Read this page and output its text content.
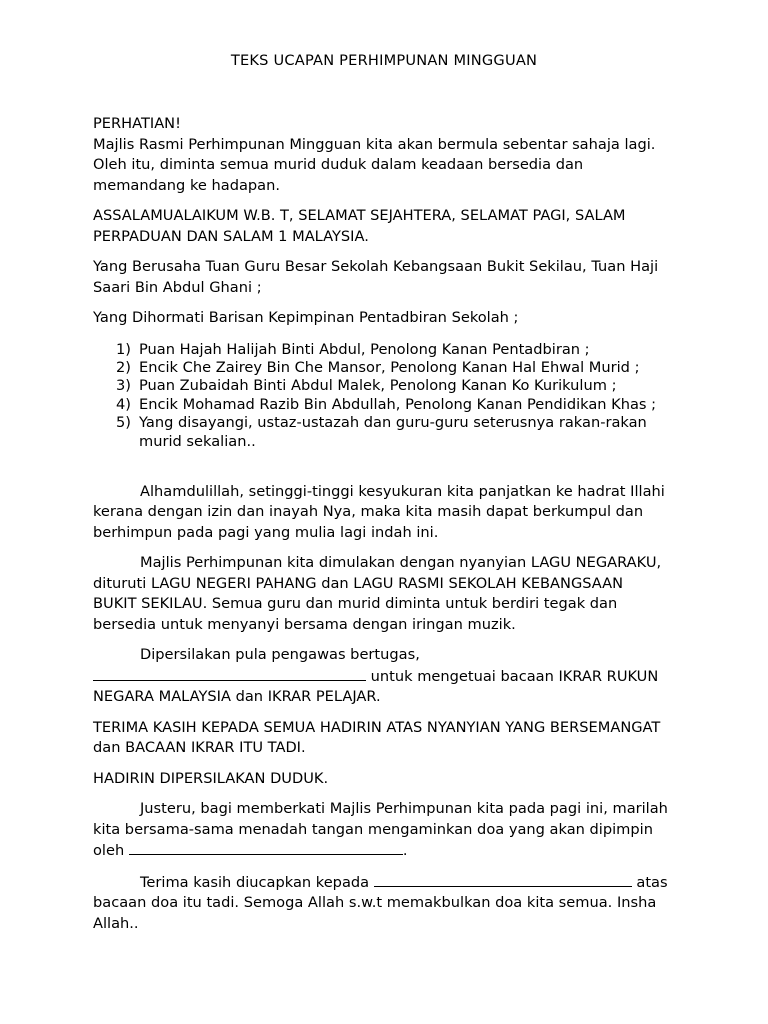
TEKS UCAPAN PERHIMPUNAN MINGGUAN

PERHATIAN!

Majlis Rasmi Perhimpunan Mingguan kita akan bermula sebentar sahaja lagi.

Oleh itu, diminta semua murid duduk dalam keadaan bersedia dan

memandang ke hadapan.

ASSALAMUALAIKUM W.B. T, SELAMAT SEJAHTERA, SELAMAT PAGI, SALAM

PERPADUAN DAN SALAM 1 MALAYSIA.

Yang Berusaha Tuan Guru Besar Sekolah Kebangsaan Bukit Sekilau, Tuan Haji

Saari Bin Abdul Ghani ;

Yang Dihormati Barisan Kepimpinan Pentadbiran Sekolah ;

1) Puan Hajah Halijah Binti Abdul, Penolong Kanan Pentadbiran ;
2) Encik Che Zairey Bin Che Mansor, Penolong Kanan Hal Ehwal Murid ;
3) Puan Zubaidah Binti Abdul Malek, Penolong Kanan Ko Kurikulum ;
4) Encik Mohamad Razib Bin Abdullah, Penolong Kanan Pendidikan Khas ;
5) Yang disayangi, ustaz-ustazah dan guru-guru seterusnya rakan-rakan
murid sekalian..

Alhamdulillah, setinggi-tinggi kesyukuran kita panjatkan ke hadrat Illahi

kerana dengan izin dan inayah Nya, maka kita masih dapat berkumpul dan

berhimpun pada pagi yang mulia lagi indah ini.

Majlis Perhimpunan kita dimulakan dengan nyanyian LAGU NEGARAKU,

dituruti LAGU NEGERI PAHANG dan LAGU RASMI SEKOLAH KEBANGSAAN

BUKIT SEKILAU. Semua guru dan murid diminta untuk berdiri tegak dan

bersedia untuk menyanyi bersama dengan iringan muzik.

Dipersilakan pula pengawas bertugas,

untuk mengetuai bacaan IKRAR RUKUN

NEGARA MALAYSIA dan IKRAR PELAJAR.

TERIMA KASIH KEPADA SEMUA HADIRIN ATAS NYANYIAN YANG BERSEMANGAT

dan BACAAN IKRAR ITU TADI.

HADIRIN DIPERSILAKAN DUDUK.

Justeru, bagi memberkati Majlis Perhimpunan kita pada pagi ini, marilah

kita bersama-sama menadah tangan mengaminkan doa yang akan dipimpin

oleh	.

Terima kasih diucapkan kepada	atas

bacaan doa itu tadi. Semoga Allah s.w.t memakbulkan doa kita semua. Insha

Allah..
